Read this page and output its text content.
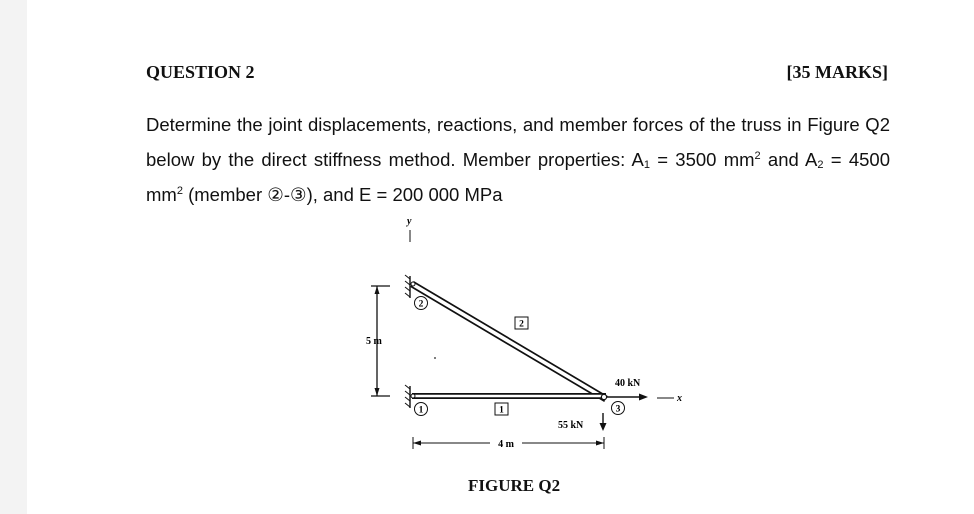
QUESTION 2	[35 MARKS]
Determine the joint displacements, reactions, and member forces of the truss in Figure Q2 below by the direct stiffness method. Member properties: $A_1 = 3500$ $mm^2$ and $A_2 = 4500$ $mm^2$ (member ②-③), and E = 200 000 MPa
y
x
5 m
2
1	3
2
1
40 kN
55 kN
4 m
FIGURE Q2
